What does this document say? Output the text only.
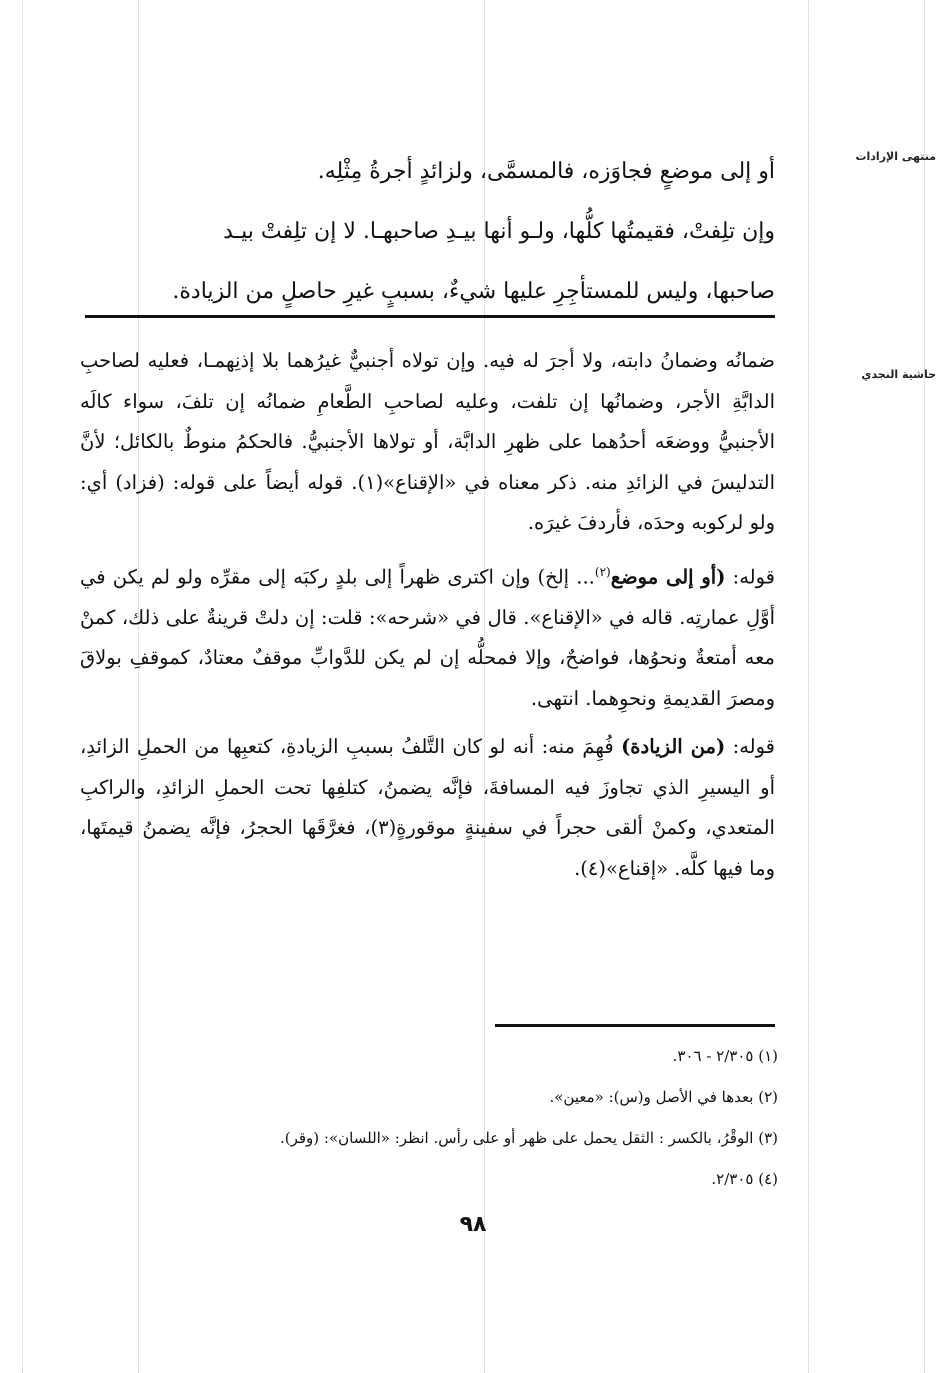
منتهى الإرادات
حاشية النجدي
أو إلى موضعٍ فجاوَزه، فالمسمَّى، ولزائدٍ أجرةُ مِثْلِه.
وإن تلِفتْ، فقيمتُها كلُّها، ولـو أنها بيـدِ صاحبهـا. لا إن تلِفتْ بيـد
صاحبها، وليس للمستأجِرِ عليها شيءٌ، بسببٍ غيرِ حاصلٍ من الزيادة.

ضمانُه وضمانُ دابته، ولا أجرَ له فيه. وإن تولاه أجنبيٌّ غيرُهما بلا إذنِهمـا، فعليه لصاحبِ الدابَّةِ الأجر، وضمانُها إن تلفت، وعليه لصاحبِ الطَّعامِ ضمانُه إن تلفَ، سواء كالَه الأجنبيُّ ووضعَه أحدُهما على ظهرِ الدابَّة، أو تولاها الأجنبيُّ. فالحكمُ منوطٌ بالكائل؛ لأنَّ التدليسَ في الزائدِ منه. ذكر معناه في «الإقناع»(١). قوله أيضاً على قوله: (فزاد) أي: ولو لركوبه وحدَه، فأردفَ غيرَه.

قوله: (أو إلى موضع$^{(٢)}$... إلخ) وإن اكترى ظهراً إلى بلدٍ ركبَه إلى مقرِّه ولو لم يكن في أوَّلِ عمارتِه. قاله في «الإقناع». قال في «شرحه»: قلت: إن دلتْ قرينةٌ على ذلك، كمنْ معه أمتعةٌ ونحوُها، فواضحٌ، وإلا فمحلُّه إن لم يكن للدَّوابِّ موقفٌ معتادٌ، كموقفِ بولاقَ ومصرَ القديمةِ ونحوِهما. انتهى.

قوله: (من الزيادة) فُهِمَ منه: أنه لو كان التَّلفُ بسببِ الزيادةِ، كتعبِها من الحملِ الزائدِ، أو اليسيرِ الذي تجاوزَ فيه المسافةَ، فإنَّه يضمنُ، كتلفِها تحت الحملِ الزائدِ، والراكبِ المتعدي، وكمنْ ألقى حجراً في سفينةٍ موقورةٍ(٣)، فغرَّقَها الحجرُ، فإنَّه يضمنُ قيمتَها، وما فيها كلَّه. «إقناع»(٤).

(١) ٢/٣٠٥ - ٣٠٦.
(٢) بعدها في الأصل و(س): «معين».
(٣) الوقْرُ، بالكسر : الثقل يحمل على ظهر أو على رأس. انظر: «اللسان»: (وقر).
(٤) ٢/٣٠٥.
٩٨
